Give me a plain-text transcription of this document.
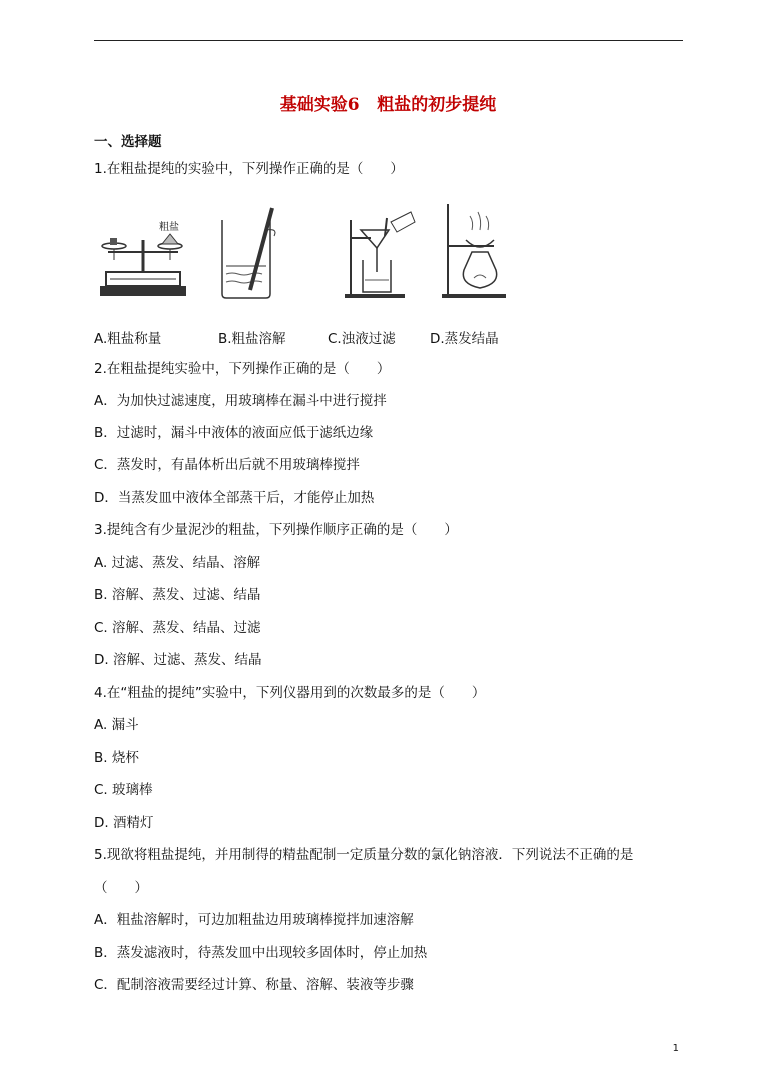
基础实验6   粗盐的初步提纯
一、选择题
1.在粗盐提纯的实验中，下列操作正确的是（　　）
粗盐
A.粗盐称量	B.粗盐溶解	C.浊液过滤	D.蒸发结晶
2.在粗盐提纯实验中，下列操作正确的是（　　）
A．为加快过滤速度，用玻璃棒在漏斗中进行搅拌
B．过滤时，漏斗中液体的液面应低于滤纸边缘
C．蒸发时，有晶体析出后就不用玻璃棒搅拌
D．当蒸发皿中液体全部蒸干后，才能停止加热
3.提纯含有少量泥沙的粗盐，下列操作顺序正确的是（　　）
A. 过滤、蒸发、结晶、溶解
B. 溶解、蒸发、过滤、结晶
C. 溶解、蒸发、结晶、过滤
D. 溶解、过滤、蒸发、结晶
4.在“粗盐的提纯”实验中，下列仪器用到的次数最多的是（　　）
A. 漏斗
B. 烧杯
C. 玻璃棒
D. 酒精灯
5.现欲将粗盐提纯，并用制得的精盐配制一定质量分数的氯化钠溶液．下列说法不正确的是
（　　）
A．粗盐溶解时，可边加粗盐边用玻璃棒搅拌加速溶解
B．蒸发滤液时，待蒸发皿中出现较多固体时，停止加热
C．配制溶液需要经过计算、称量、溶解、装液等步骤
1
